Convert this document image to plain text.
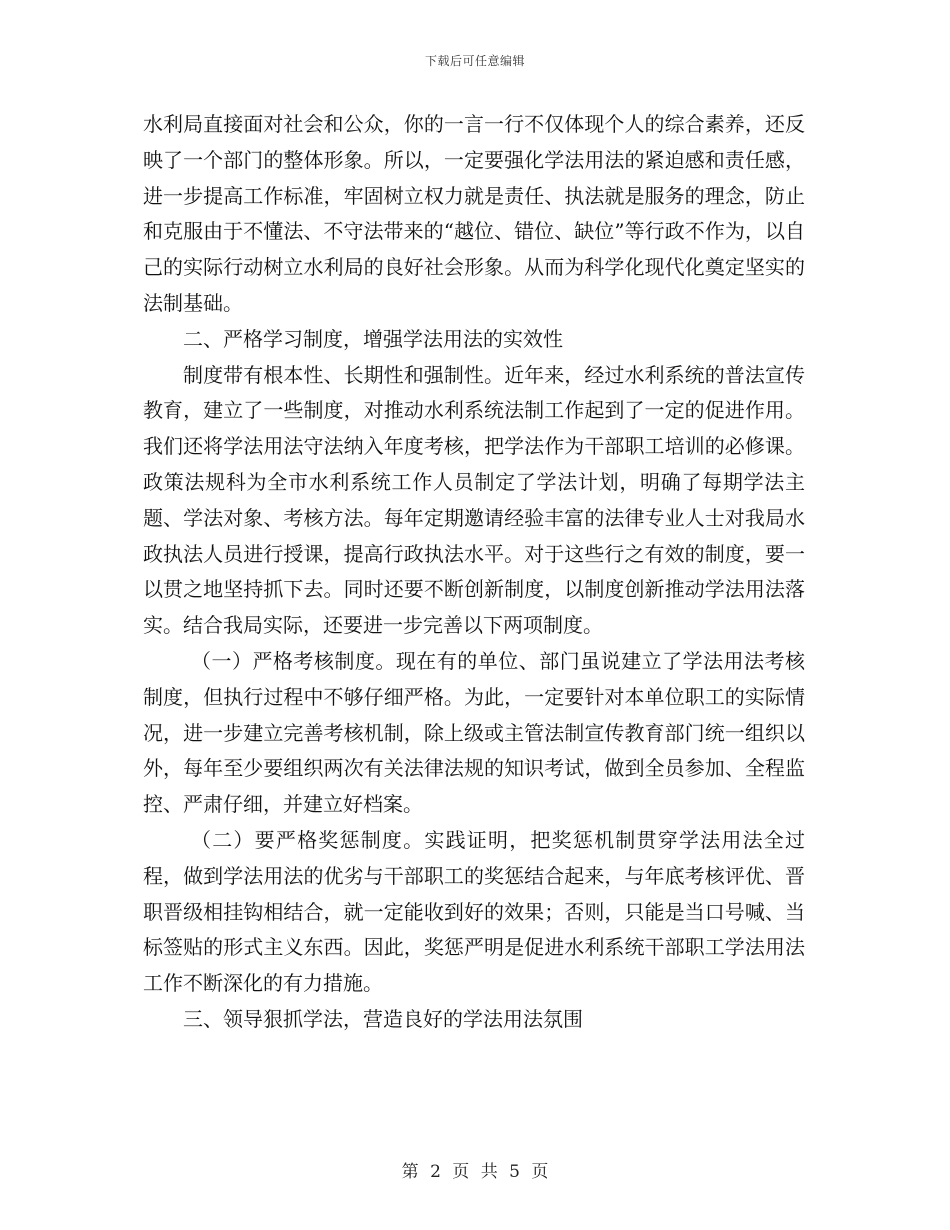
下载后可任意编辑

水利局直接面对社会和公众，你的一言一行不仅体现个人的综合素养，还反映了一个部门的整体形象。所以，一定要强化学法用法的紧迫感和责任感，进一步提高工作标准，牢固树立权力就是责任、执法就是服务的理念，防止和克服由于不懂法、不守法带来的“越位、错位、缺位”等行政不作为，以自己的实际行动树立水利局的良好社会形象。从而为科学化现代化奠定坚实的法制基础。

二、严格学习制度，增强学法用法的实效性

制度带有根本性、长期性和强制性。近年来，经过水利系统的普法宣传教育，建立了一些制度，对推动水利系统法制工作起到了一定的促进作用。我们还将学法用法守法纳入年度考核，把学法作为干部职工培训的必修课。政策法规科为全市水利系统工作人员制定了学法计划，明确了每期学法主题、学法对象、考核方法。每年定期邀请经验丰富的法律专业人士对我局水政执法人员进行授课，提高行政执法水平。对于这些行之有效的制度，要一以贯之地坚持抓下去。同时还要不断创新制度，以制度创新推动学法用法落实。结合我局实际，还要进一步完善以下两项制度。

（一）严格考核制度。现在有的单位、部门虽说建立了学法用法考核制度，但执行过程中不够仔细严格。为此，一定要针对本单位职工的实际情况，进一步建立完善考核机制，除上级或主管法制宣传教育部门统一组织以外，每年至少要组织两次有关法律法规的知识考试，做到全员参加、全程监控、严肃仔细，并建立好档案。

（二）要严格奖惩制度。实践证明，把奖惩机制贯穿学法用法全过程，做到学法用法的优劣与干部职工的奖惩结合起来，与年底考核评优、晋职晋级相挂钩相结合，就一定能收到好的效果；否则，只能是当口号喊、当标签贴的形式主义东西。因此，奖惩严明是促进水利系统干部职工学法用法工作不断深化的有力措施。

三、领导狠抓学法，营造良好的学法用法氛围

第 2 页 共 5 页
